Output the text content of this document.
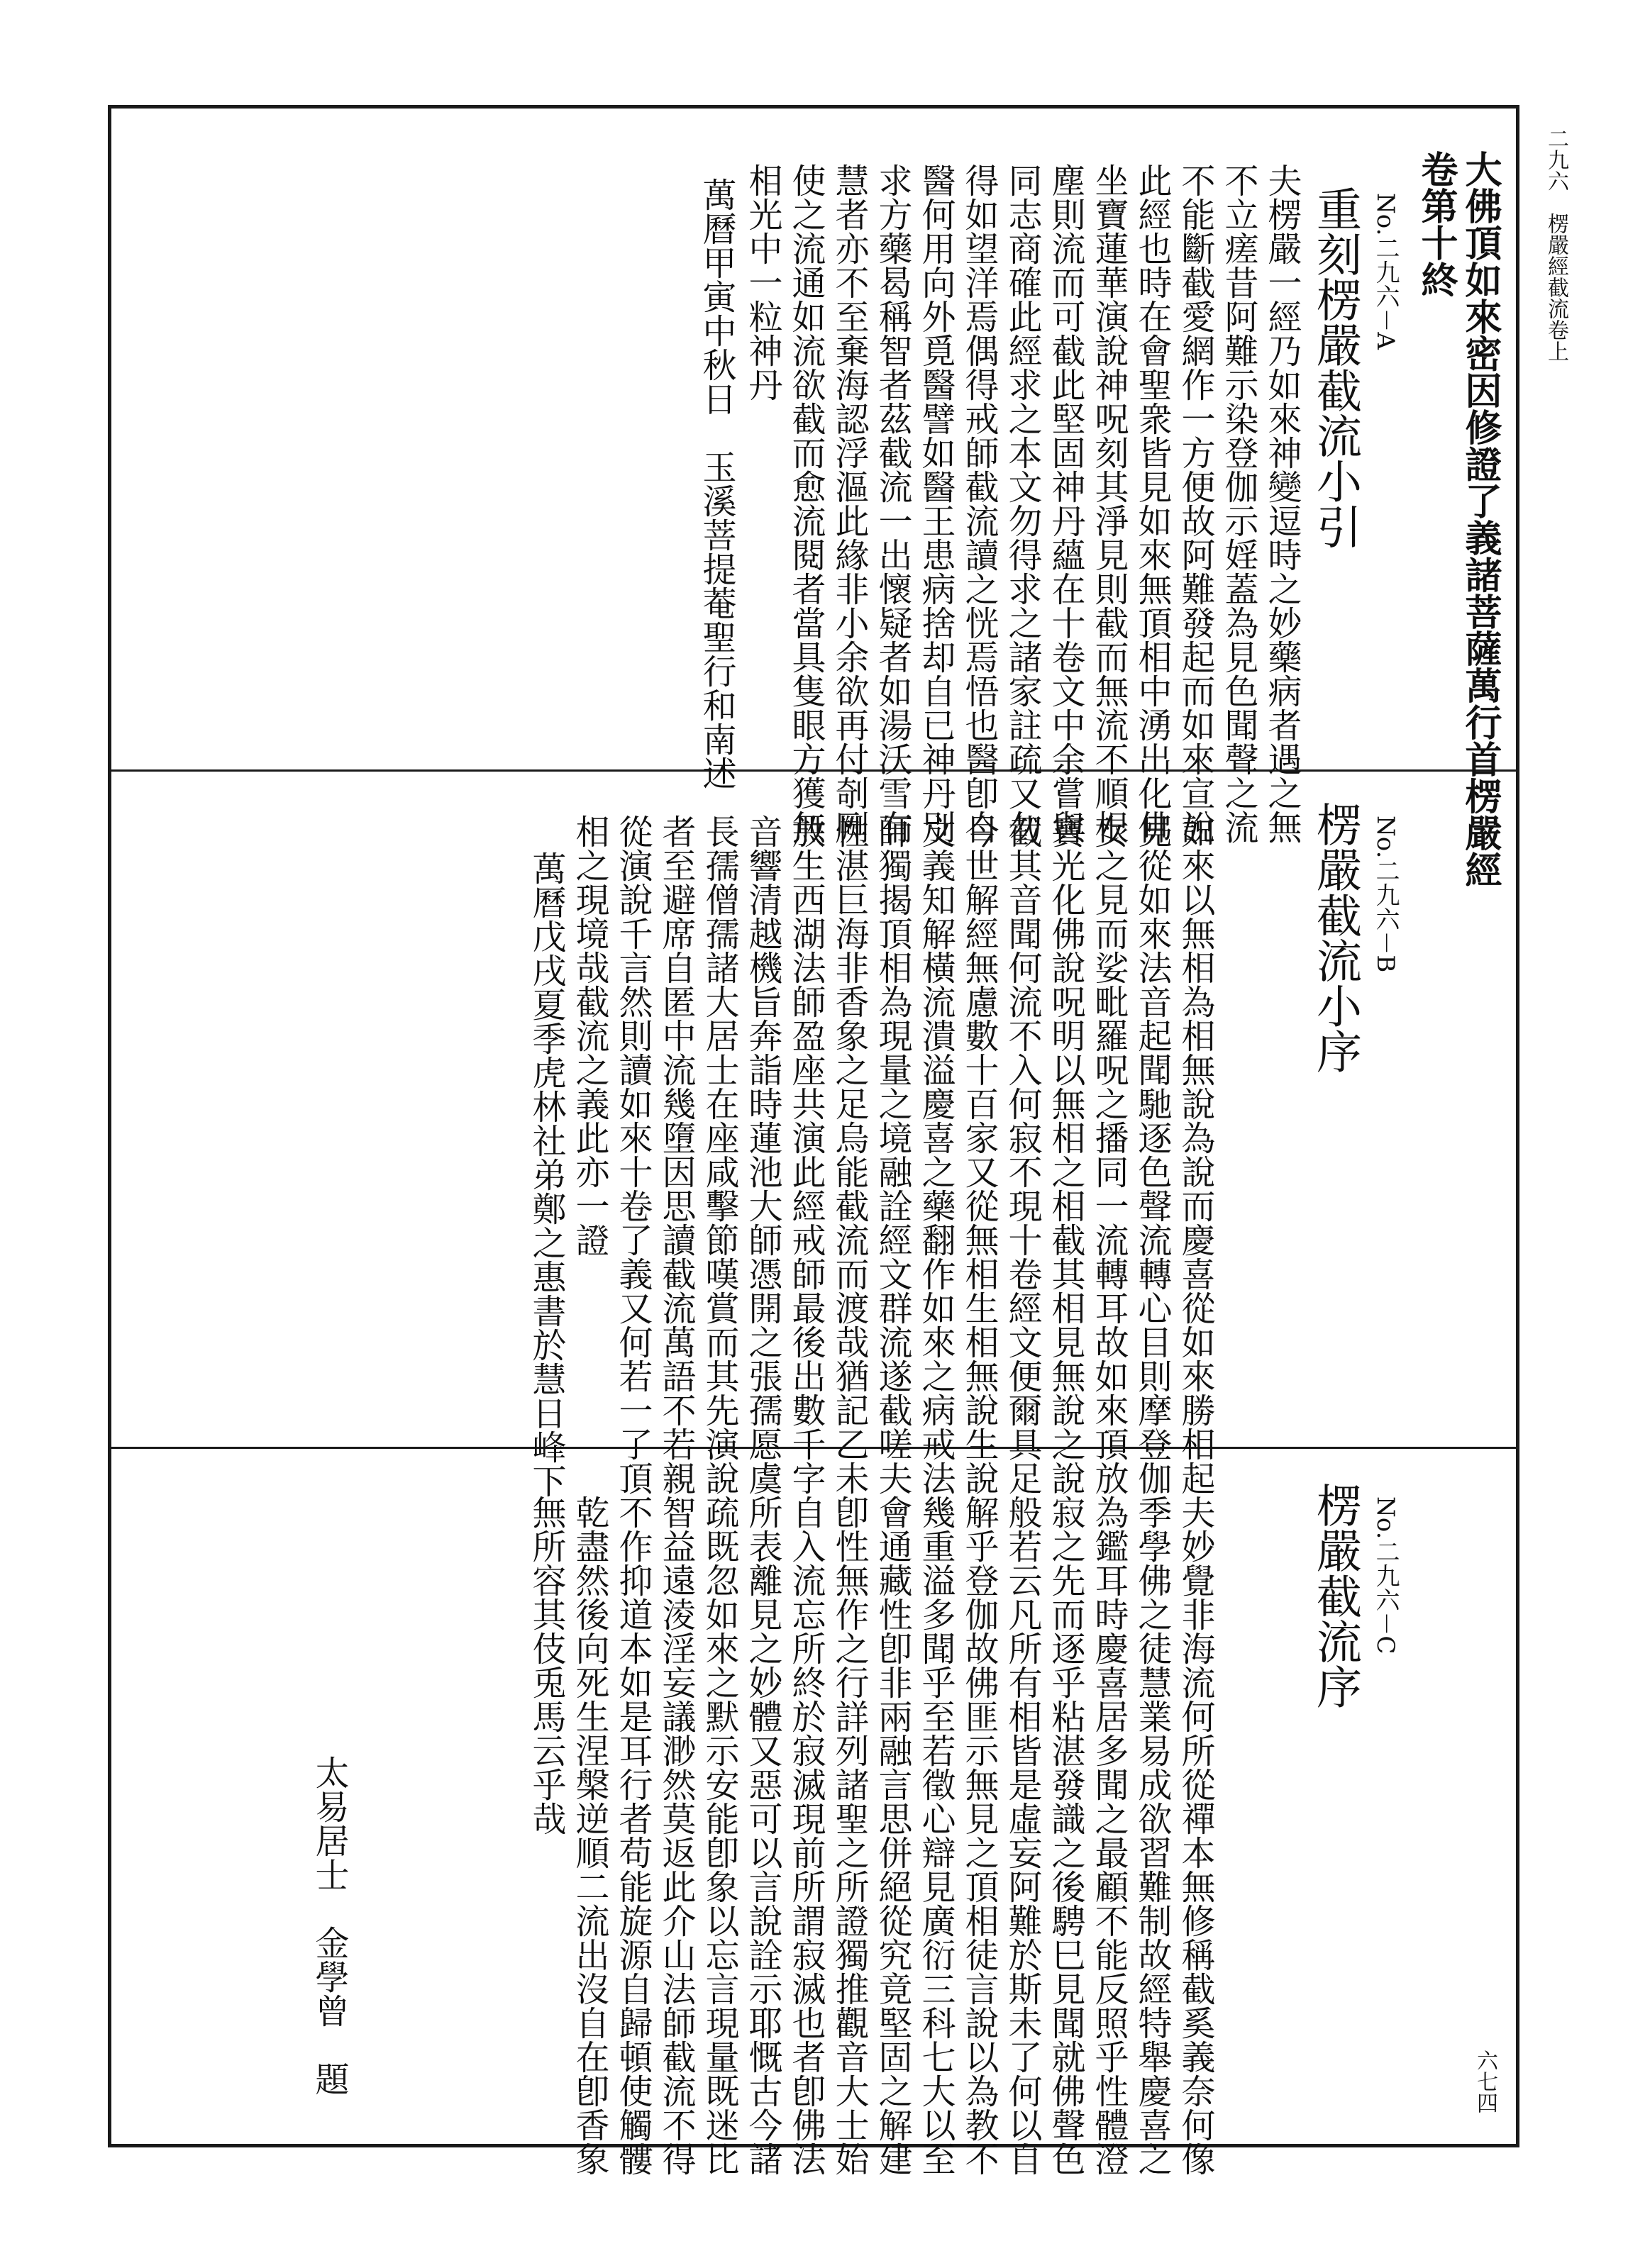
二九六　楞嚴經截流卷上
六七四
大佛頂如來密因修證了義諸菩薩萬行首楞嚴經
卷第十終
No.二九六－A
重刻楞嚴截流小引
夫楞嚴一經乃如來神變逗時之妙藥病者遇之無
不立瘥昔阿難示染登伽示婬蓋為見色聞聲之流
不能斷截愛網作一方便故阿難發起而如來宣說
此經也時在會聖衆皆見如來無頂相中湧出化佛
坐寶蓮華演說神呪刻其淨見則截而無流不順根
塵則流而可截此堅固神丹蘊在十卷文中余嘗與
同志商確此經求之本文勿得求之諸家註疏又勿
得如望洋焉偶得戒師截流讀之恍焉悟也醫卽自
醫何用向外覓醫譬如醫王患病捨却自已神丹別
求方藥曷稱智者茲截流一出懷疑者如湯沃雪有
慧者亦不至棄海認浮漚此緣非小余欲再付剞劂
使之流通如流欲截而愈流閱者當具隻眼方獲無
相光中一粒神丹
萬曆甲寅中秋日　玉溪菩提菴聖行和南述
No.二九六－B
楞嚴截流小序
如來以無相為相無說為說而慶喜從如來勝相起
見從如來法音起聞馳逐色聲流轉心目則摩登伽
女之見而娑毗羅呪之播同一流轉耳故如來頂放
寶光化佛說呪明以無相之相截其相見無說之說
截其音聞何流不入何寂不現十卷經文便爾具足
今世解經無慮數十百家又從無相生相無說生說
文義知解橫流潰溢慶喜之藥翻作如來之病戒法
師獨揭頂相為現量之境融詮經文群流遂截嗟夫
性湛巨海非香象之足烏能截流而渡哉猶記乙未
放生西湖法師盈座共演此經戒師最後出數千字
音響清越機旨奔詣時蓮池大師憑開之張孺愿虞
長孺僧孺諸大居士在座咸擊節嘆賞而其先演說
者至避席自匿中流幾墮因思讀截流萬語不若親
從演說千言然則讀如來十卷了義又何若一了頂
相之現境哉截流之義此亦一證
萬曆戊戌夏季虎林社弟鄭之惠書於慧日峰下
No.二九六－C
楞嚴截流序
夫妙覺非海流何所從禪本無修稱截奚義奈何像
季學佛之徒慧業易成欲習難制故經特舉慶喜之
為鑑耳時慶喜居多聞之最顧不能反照乎性體澄
寂之先而逐乎粘湛發識之後騁巳見聞就佛聲色
般若云凡所有相皆是虛妄阿難於斯未了何以自
解乎登伽故佛匪示無見之頂相徒言說以為教不
幾重溢多聞乎至若徵心辯見廣衍三科七大以至
會通藏性卽非兩融言思併絕從究竟堅固之解建
卽性無作之行詳列諸聖之所證獨推觀音大士始
自入流忘所終於寂滅現前所謂寂滅也者卽佛法
所表離見之妙體又惡可以言說詮示耶慨古今諸
疏既忽如來之默示安能卽象以忘言現量既迷比
智益遠淩淫妄議渺然莫返此介山法師截流不得
不作抑道本如是耳行者苟能旋源自歸頓使觸髏
乾盡然後向死生涅槃逆順二流出沒自在卽香象
無所容其伎兎馬云乎哉
太易居士　金學曾　題
